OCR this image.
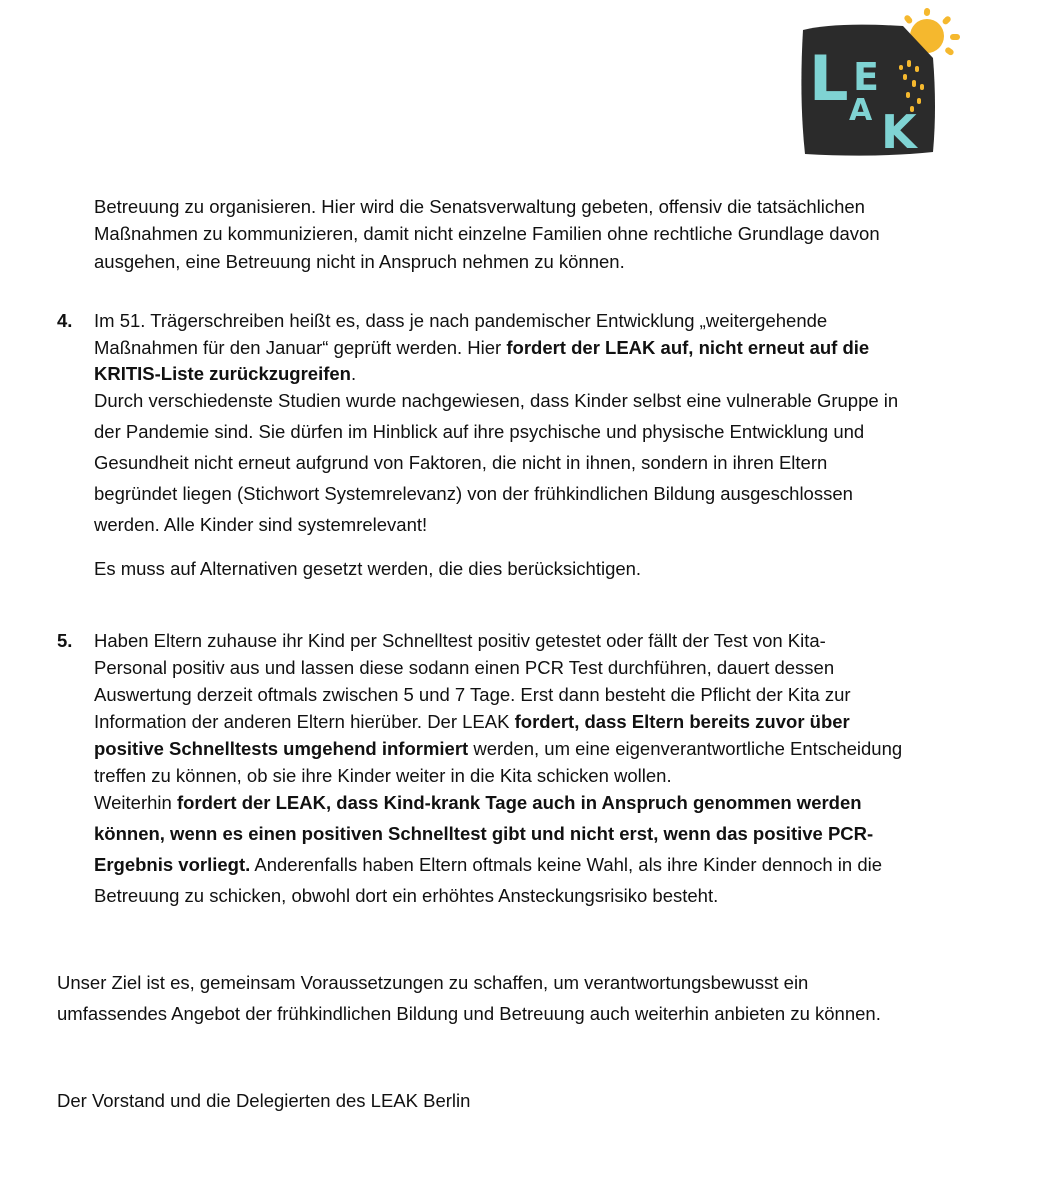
L E
A K
Betreuung zu organisieren. Hier wird die Senatsverwaltung gebeten, offensiv die tatsächlichen
Maßnahmen zu kommunizieren, damit nicht einzelne Familien ohne rechtliche Grundlage davon
ausgehen, eine Betreuung nicht in Anspruch nehmen zu können.
4. Im 51. Trägerschreiben heißt es, dass je nach pandemischer Entwicklung „weitergehende
Maßnahmen für den Januar“ geprüft werden. Hier fordert der LEAK auf, nicht erneut auf die
KRITIS-Liste zurückzugreifen.
Durch verschiedenste Studien wurde nachgewiesen, dass Kinder selbst eine vulnerable Gruppe in
der Pandemie sind. Sie dürfen im Hinblick auf ihre psychische und physische Entwicklung und
Gesundheit nicht erneut aufgrund von Faktoren, die nicht in ihnen, sondern in ihren Eltern
begründet liegen (Stichwort Systemrelevanz) von der frühkindlichen Bildung ausgeschlossen
werden. Alle Kinder sind systemrelevant!
Es muss auf Alternativen gesetzt werden, die dies berücksichtigen.
5. Haben Eltern zuhause ihr Kind per Schnelltest positiv getestet oder fällt der Test von Kita-
Personal positiv aus und lassen diese sodann einen PCR Test durchführen, dauert dessen
Auswertung derzeit oftmals zwischen 5 und 7 Tage. Erst dann besteht die Pflicht der Kita zur
Information der anderen Eltern hierüber. Der LEAK fordert, dass Eltern bereits zuvor über
positive Schnelltests umgehend informiert werden, um eine eigenverantwortliche Entscheidung
treffen zu können, ob sie ihre Kinder weiter in die Kita schicken wollen.
Weiterhin fordert der LEAK, dass Kind-krank Tage auch in Anspruch genommen werden
können, wenn es einen positiven Schnelltest gibt und nicht erst, wenn das positive PCR-
Ergebnis vorliegt. Anderenfalls haben Eltern oftmals keine Wahl, als ihre Kinder dennoch in die
Betreuung zu schicken, obwohl dort ein erhöhtes Ansteckungsrisiko besteht.
Unser Ziel ist es, gemeinsam Voraussetzungen zu schaffen, um verantwortungsbewusst ein
umfassendes Angebot der frühkindlichen Bildung und Betreuung auch weiterhin anbieten zu können.
Der Vorstand und die Delegierten des LEAK Berlin
